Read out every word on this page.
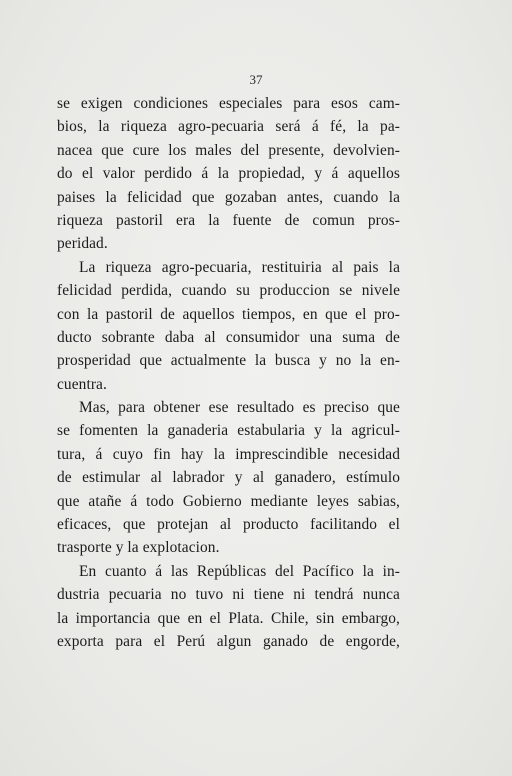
37
se exigen condiciones especiales para esos cam-
bios, la riqueza agro-pecuaria será á fé, la pa-
nacea que cure los males del presente, devolvien-
do el valor perdido á la propiedad, y á aquellos
paises la felicidad que gozaban antes, cuando la
riqueza pastoril era la fuente de comun pros-
peridad.
La riqueza agro-pecuaria, restituiria al pais la
felicidad perdida, cuando su produccion se nivele
con la pastoril de aquellos tiempos, en que el pro-
ducto sobrante daba al consumidor una suma de
prosperidad que actualmente la busca y no la en-
cuentra.
Mas, para obtener ese resultado es preciso que
se fomenten la ganaderia estabularia y la agricul-
tura, á cuyo fin hay la imprescindible necesidad
de estimular al labrador y al ganadero, estímulo
que atañe á todo Gobierno mediante leyes sabias,
eficaces, que protejan al producto facilitando el
trasporte y la explotacion.
En cuanto á las Repúblicas del Pacífico la in-
dustria pecuaria no tuvo ni tiene ni tendrá nunca
la importancia que en el Plata. Chile, sin embargo,
exporta para el Perú algun ganado de engorde,
